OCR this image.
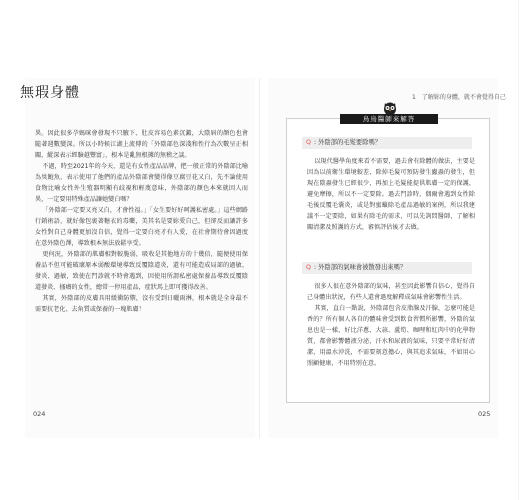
無瑕身體	1　了解妳的身體，就不會覺得自己

異。因此很多孕媽咪會發現不只腋下、肚皮容易色素沉澱，大陰唇的顏色也會隨著週數變深。所以小時候江湖上流傳的「外陰部色深淺和性行為次數呈正相關，縱深表示經驗越豐富」，根本是亂無根據的無稽之談。

不過，時至2021年的今天，還是有女性產品品牌，把一般正常的外陰部比喻為臭鮑魚，表示使用了他們的產品外陰部會變得像豆腐豆花又白，先不論使用食物比喻女性外生殖器明顯有歧視和輕蔑意味，外陰部的顏色本來就因人而異，一定要用特殊產品讓她變白嗎？

「外陰部一定要又亮又白，才會性福。」「女生要好好呵護私密處。」這些網路行銷術語，就好像包裹著糖衣的毒藥，美其名是要妳愛自己，但卻反而讓許多女性對自己身體更加沒自信，覺得一定要白亮才有人愛，在社會期待會因過度在意外陰色澤，導致根本無法放鬆享受。

更何況，外陰部的肌膚相對較脆弱，吸收是其他地方的十幾倍，隨便使用保養品不但可能破壞原本弱酸環境導致反覆陰道炎，還有可能造成局部的過敏、發炎、過敏，致使在門診就不時會遇到，因使用所謂私密處保養品導致反覆陰道發炎、搔癢的女性，總常一停用產品，症狀馬上即可獲得改善。

其實，外陰部的皮膚具用緩衝防禦，沒有受到日曬雨淋，根本就是全身最不需要抗老化、去角質或保養的一塊肌膚！

024
鳥鳥醫師來解答
Q : 外陰部的毛髮要除嗎？

以現代醫學角度來看不需要，過去會有除體的做法，主要是因為以前衛生環境較差，除掉毛髮可預防發生蟲蝨的發生，但現在陰蝨發生已經很少，再加上毛髮能提供肌膚一定的保護，避免摩擦，所以不一定要除。過去門診時，偶爾會遇到女性除毛後反覆毛囊炎，或是對蜜蠟除毛產品過敏的案例，所以我建議不一定要除，如果有除毛的需求，可以先詢問醫師，了解相關清潔及照護的方式，審慎評估後才去做。

Q : 外陰部的氣味會被散發出來嗎？

很多人很在意外陰部的氣味，甚至因此影響自信心，覺得自己身體出狀況，有些人還會過度解釋成氣味會影響性生活。

其實，直白一點說，外陰部包含皮脂腺及汗腺，怎麼可能是香的？所有個人各自的體味會受到飲食習慣所影響，外陰的氣息也是一樣，好比洋蔥、大蒜、蘆筍、咖哩和紅肉中的化學物質，都會影響體液分泌，汗水和尿液的氣味，只要平常好好清潔，用溫水沖洗，不需要刻意擔心，與其追求氣味，不如用心照顧健康，不用特別在意。

025
